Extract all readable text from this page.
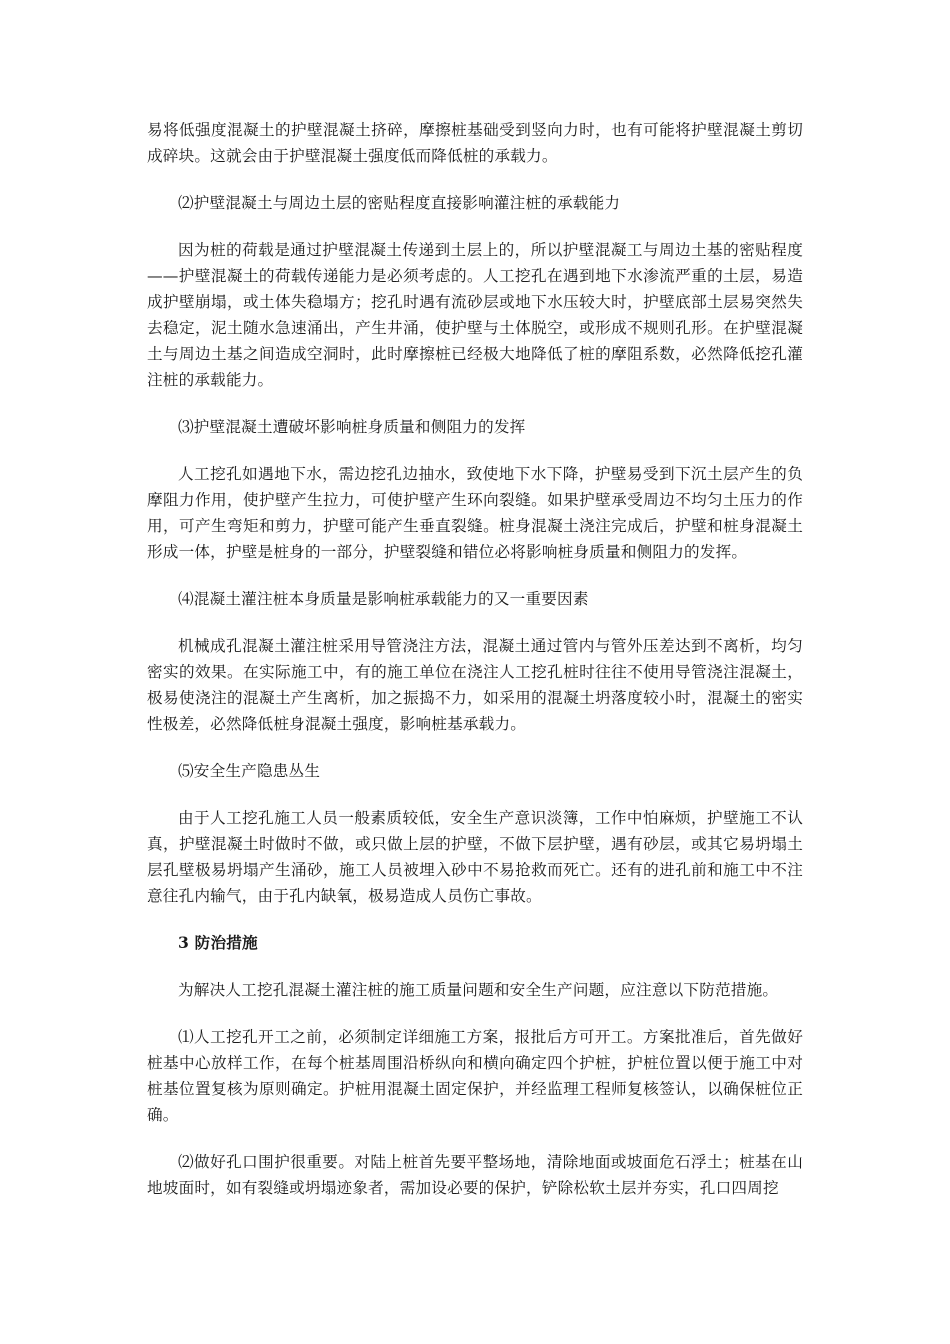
易将低强度混凝土的护壁混凝土挤碎，摩擦桩基础受到竖向力时，也有可能将护壁混凝土剪切成碎块。这就会由于护壁混凝土强度低而降低桩的承载力。

⑵护壁混凝土与周边土层的密贴程度直接影响灌注桩的承载能力

因为桩的荷载是通过护壁混凝土传递到土层上的，所以护壁混凝工与周边土基的密贴程度——护壁混凝土的荷载传递能力是必须考虑的。人工挖孔在遇到地下水渗流严重的土层，易造成护壁崩塌，或土体失稳塌方；挖孔时遇有流砂层或地下水压较大时，护壁底部土层易突然失去稳定，泥土随水急速涌出，产生井涌，使护壁与土体脱空，或形成不规则孔形。在护壁混凝土与周边土基之间造成空洞时，此时摩擦桩已经极大地降低了桩的摩阻系数，必然降低挖孔灌注桩的承载能力。

⑶护壁混凝土遭破坏影响桩身质量和侧阻力的发挥

人工挖孔如遇地下水，需边挖孔边抽水，致使地下水下降，护壁易受到下沉土层产生的负摩阻力作用，使护壁产生拉力，可使护壁产生环向裂缝。如果护壁承受周边不均匀土压力的作用，可产生弯矩和剪力，护壁可能产生垂直裂缝。桩身混凝土浇注完成后，护壁和桩身混凝土形成一体，护壁是桩身的一部分，护壁裂缝和错位必将影响桩身质量和侧阻力的发挥。

⑷混凝土灌注桩本身质量是影响桩承载能力的又一重要因素

机械成孔混凝土灌注桩采用导管浇注方法，混凝土通过管内与管外压差达到不离析，均匀密实的效果。在实际施工中，有的施工单位在浇注人工挖孔桩时往往不使用导管浇注混凝土，极易使浇注的混凝土产生离析，加之振捣不力，如采用的混凝土坍落度较小时，混凝土的密实性极差，必然降低桩身混凝土强度，影响桩基承载力。

⑸安全生产隐患丛生

由于人工挖孔施工人员一般素质较低，安全生产意识淡簿，工作中怕麻烦，护壁施工不认真，护壁混凝土时做时不做，或只做上层的护壁，不做下层护壁，遇有砂层，或其它易坍塌土层孔壁极易坍塌产生涌砂，施工人员被埋入砂中不易抢救而死亡。还有的进孔前和施工中不注意往孔内输气，由于孔内缺氧，极易造成人员伤亡事故。

3 防治措施

为解决人工挖孔混凝土灌注桩的施工质量问题和安全生产问题，应注意以下防范措施。

⑴人工挖孔开工之前，必须制定详细施工方案，报批后方可开工。方案批准后，首先做好桩基中心放样工作，在每个桩基周围沿桥纵向和横向确定四个护桩，护桩位置以便于施工中对桩基位置复核为原则确定。护桩用混凝土固定保护，并经监理工程师复核签认，以确保桩位正确。

⑵做好孔口围护很重要。对陆上桩首先要平整场地，清除地面或坡面危石浮土；桩基在山地坡面时，如有裂缝或坍塌迹象者，需加设必要的保护，铲除松软土层并夯实，孔口四周挖
